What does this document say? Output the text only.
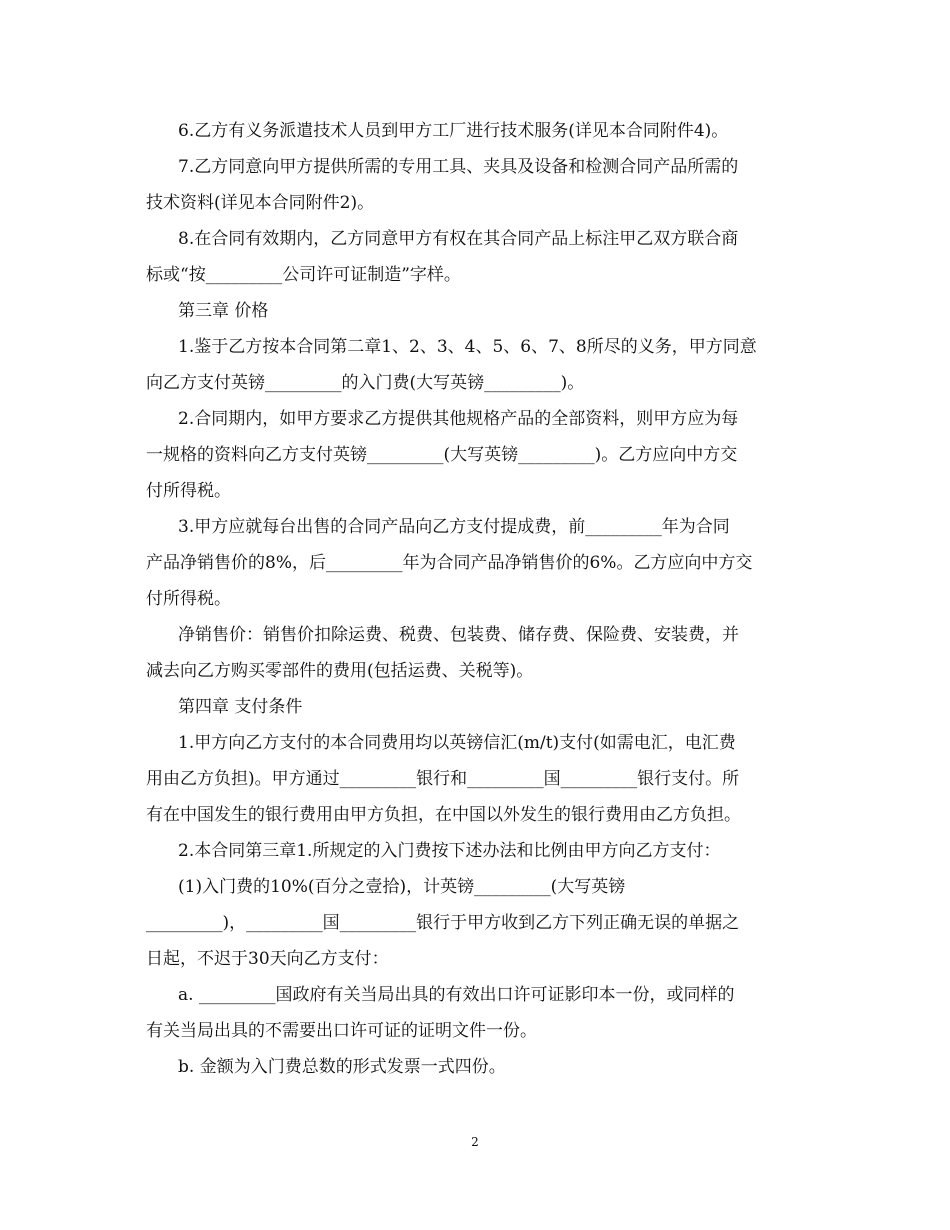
6.乙方有义务派遣技术人员到甲方工厂进行技术服务(详见本合同附件4)。

7.乙方同意向甲方提供所需的专用工具、夹具及设备和检测合同产品所需的
技术资料(详见本合同附件2)。

8.在合同有效期内，乙方同意甲方有权在其合同产品上标注甲乙双方联合商
标或“按_________公司许可证制造”字样。

第三章 价格

1.鉴于乙方按本合同第二章1、2、3、4、5、6、7、8所尽的义务，甲方同意
向乙方支付英镑_________的入门费(大写英镑_________)。

2.合同期内，如甲方要求乙方提供其他规格产品的全部资料，则甲方应为每
一规格的资料向乙方支付英镑_________(大写英镑_________)。乙方应向中方交
付所得税。

3.甲方应就每台出售的合同产品向乙方支付提成费，前_________年为合同
产品净销售价的8%，后_________年为合同产品净销售价的6%。乙方应向中方交
付所得税。

净销售价：销售价扣除运费、税费、包装费、储存费、保险费、安装费，并
减去向乙方购买零部件的费用(包括运费、关税等)。

第四章 支付条件

1.甲方向乙方支付的本合同费用均以英镑信汇(m/t)支付(如需电汇，电汇费
用由乙方负担)。甲方通过_________银行和_________国_________银行支付。所
有在中国发生的银行费用由甲方负担，在中国以外发生的银行费用由乙方负担。

2.本合同第三章1.所规定的入门费按下述办法和比例由甲方向乙方支付：

(1)入门费的10%(百分之壹拾)，计英镑_________(大写英镑
_________)，_________国_________银行于甲方收到乙方下列正确无误的单据之
日起，不迟于30天向乙方支付：

a. _________国政府有关当局出具的有效出口许可证影印本一份，或同样的
有关当局出具的不需要出口许可证的证明文件一份。

b. 金额为入门费总数的形式发票一式四份。

2
